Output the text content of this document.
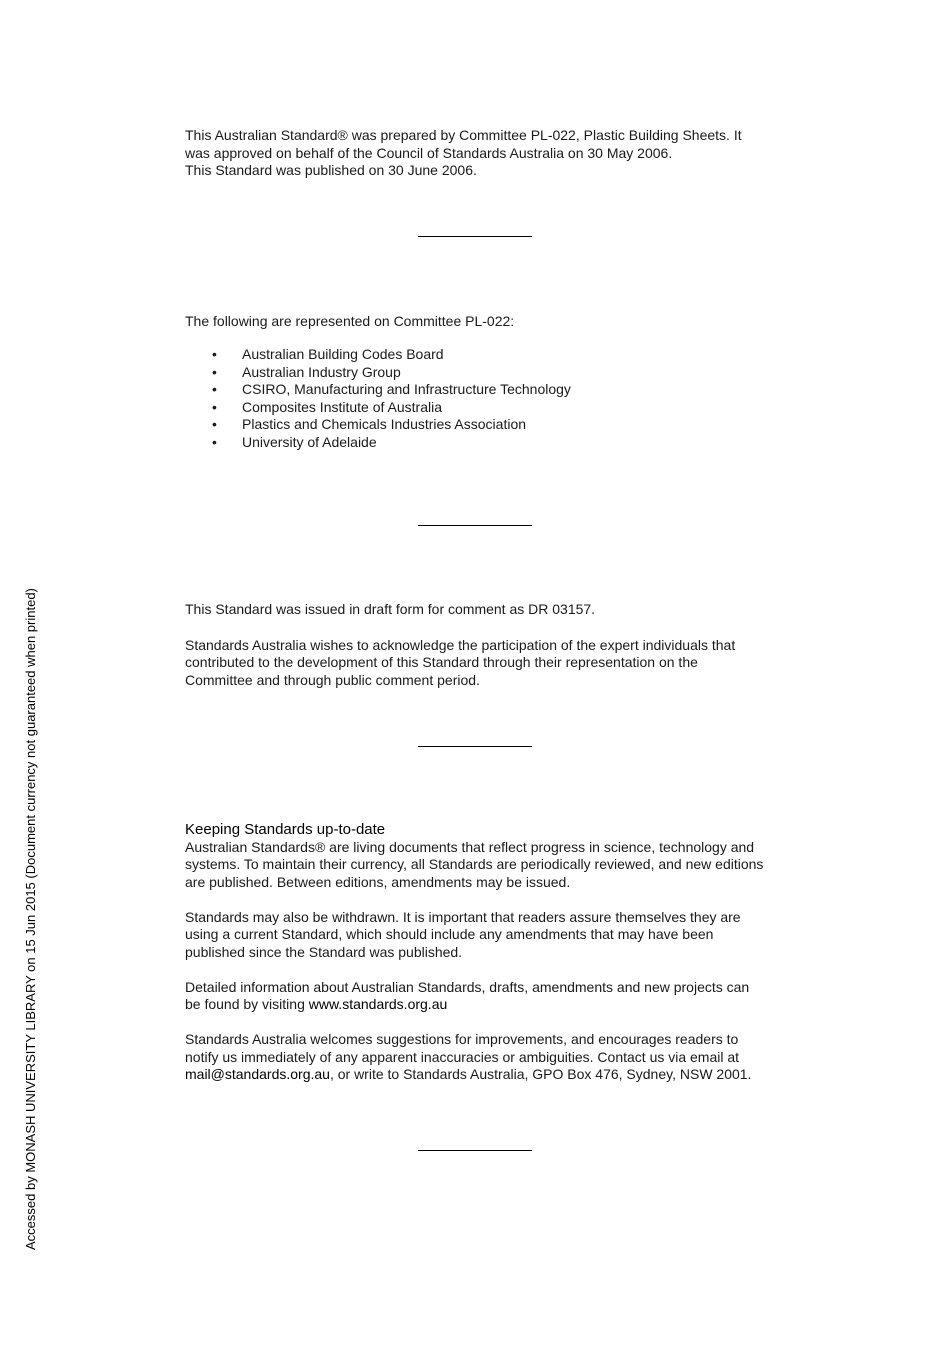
This Australian Standard® was prepared by Committee PL-022, Plastic Building Sheets. It

was approved on behalf of the Council of Standards Australia on 30 May 2006.

This Standard was published on 30 June 2006.

The following are represented on Committee PL-022:

• Australian Building Codes Board
• Australian Industry Group
• CSIRO, Manufacturing and Infrastructure Technology
• Composites Institute of Australia
• Plastics and Chemicals Industries Association
• University of Adelaide

This Standard was issued in draft form for comment as DR 03157.

Standards Australia wishes to acknowledge the participation of the expert individuals that

contributed to the development of this Standard through their representation on the

Committee and through public comment period.

Keeping Standards up-to-date

Australian Standards® are living documents that reflect progress in science, technology and

systems. To maintain their currency, all Standards are periodically reviewed, and new editions

are published. Between editions, amendments may be issued.

Standards may also be withdrawn. It is important that readers assure themselves they are

using a current Standard, which should include any amendments that may have been

published since the Standard was published.

Detailed information about Australian Standards, drafts, amendments and new projects can

be found by visiting www.standards.org.au

Standards Australia welcomes suggestions for improvements, and encourages readers to

notify us immediately of any apparent inaccuracies or ambiguities. Contact us via email at

mail@standards.org.au, or write to Standards Australia, GPO Box 476, Sydney, NSW 2001.

Accessed by MONASH UNIVERSITY LIBRARY on 15 Jun 2015 (Document currency not guaranteed when printed)
